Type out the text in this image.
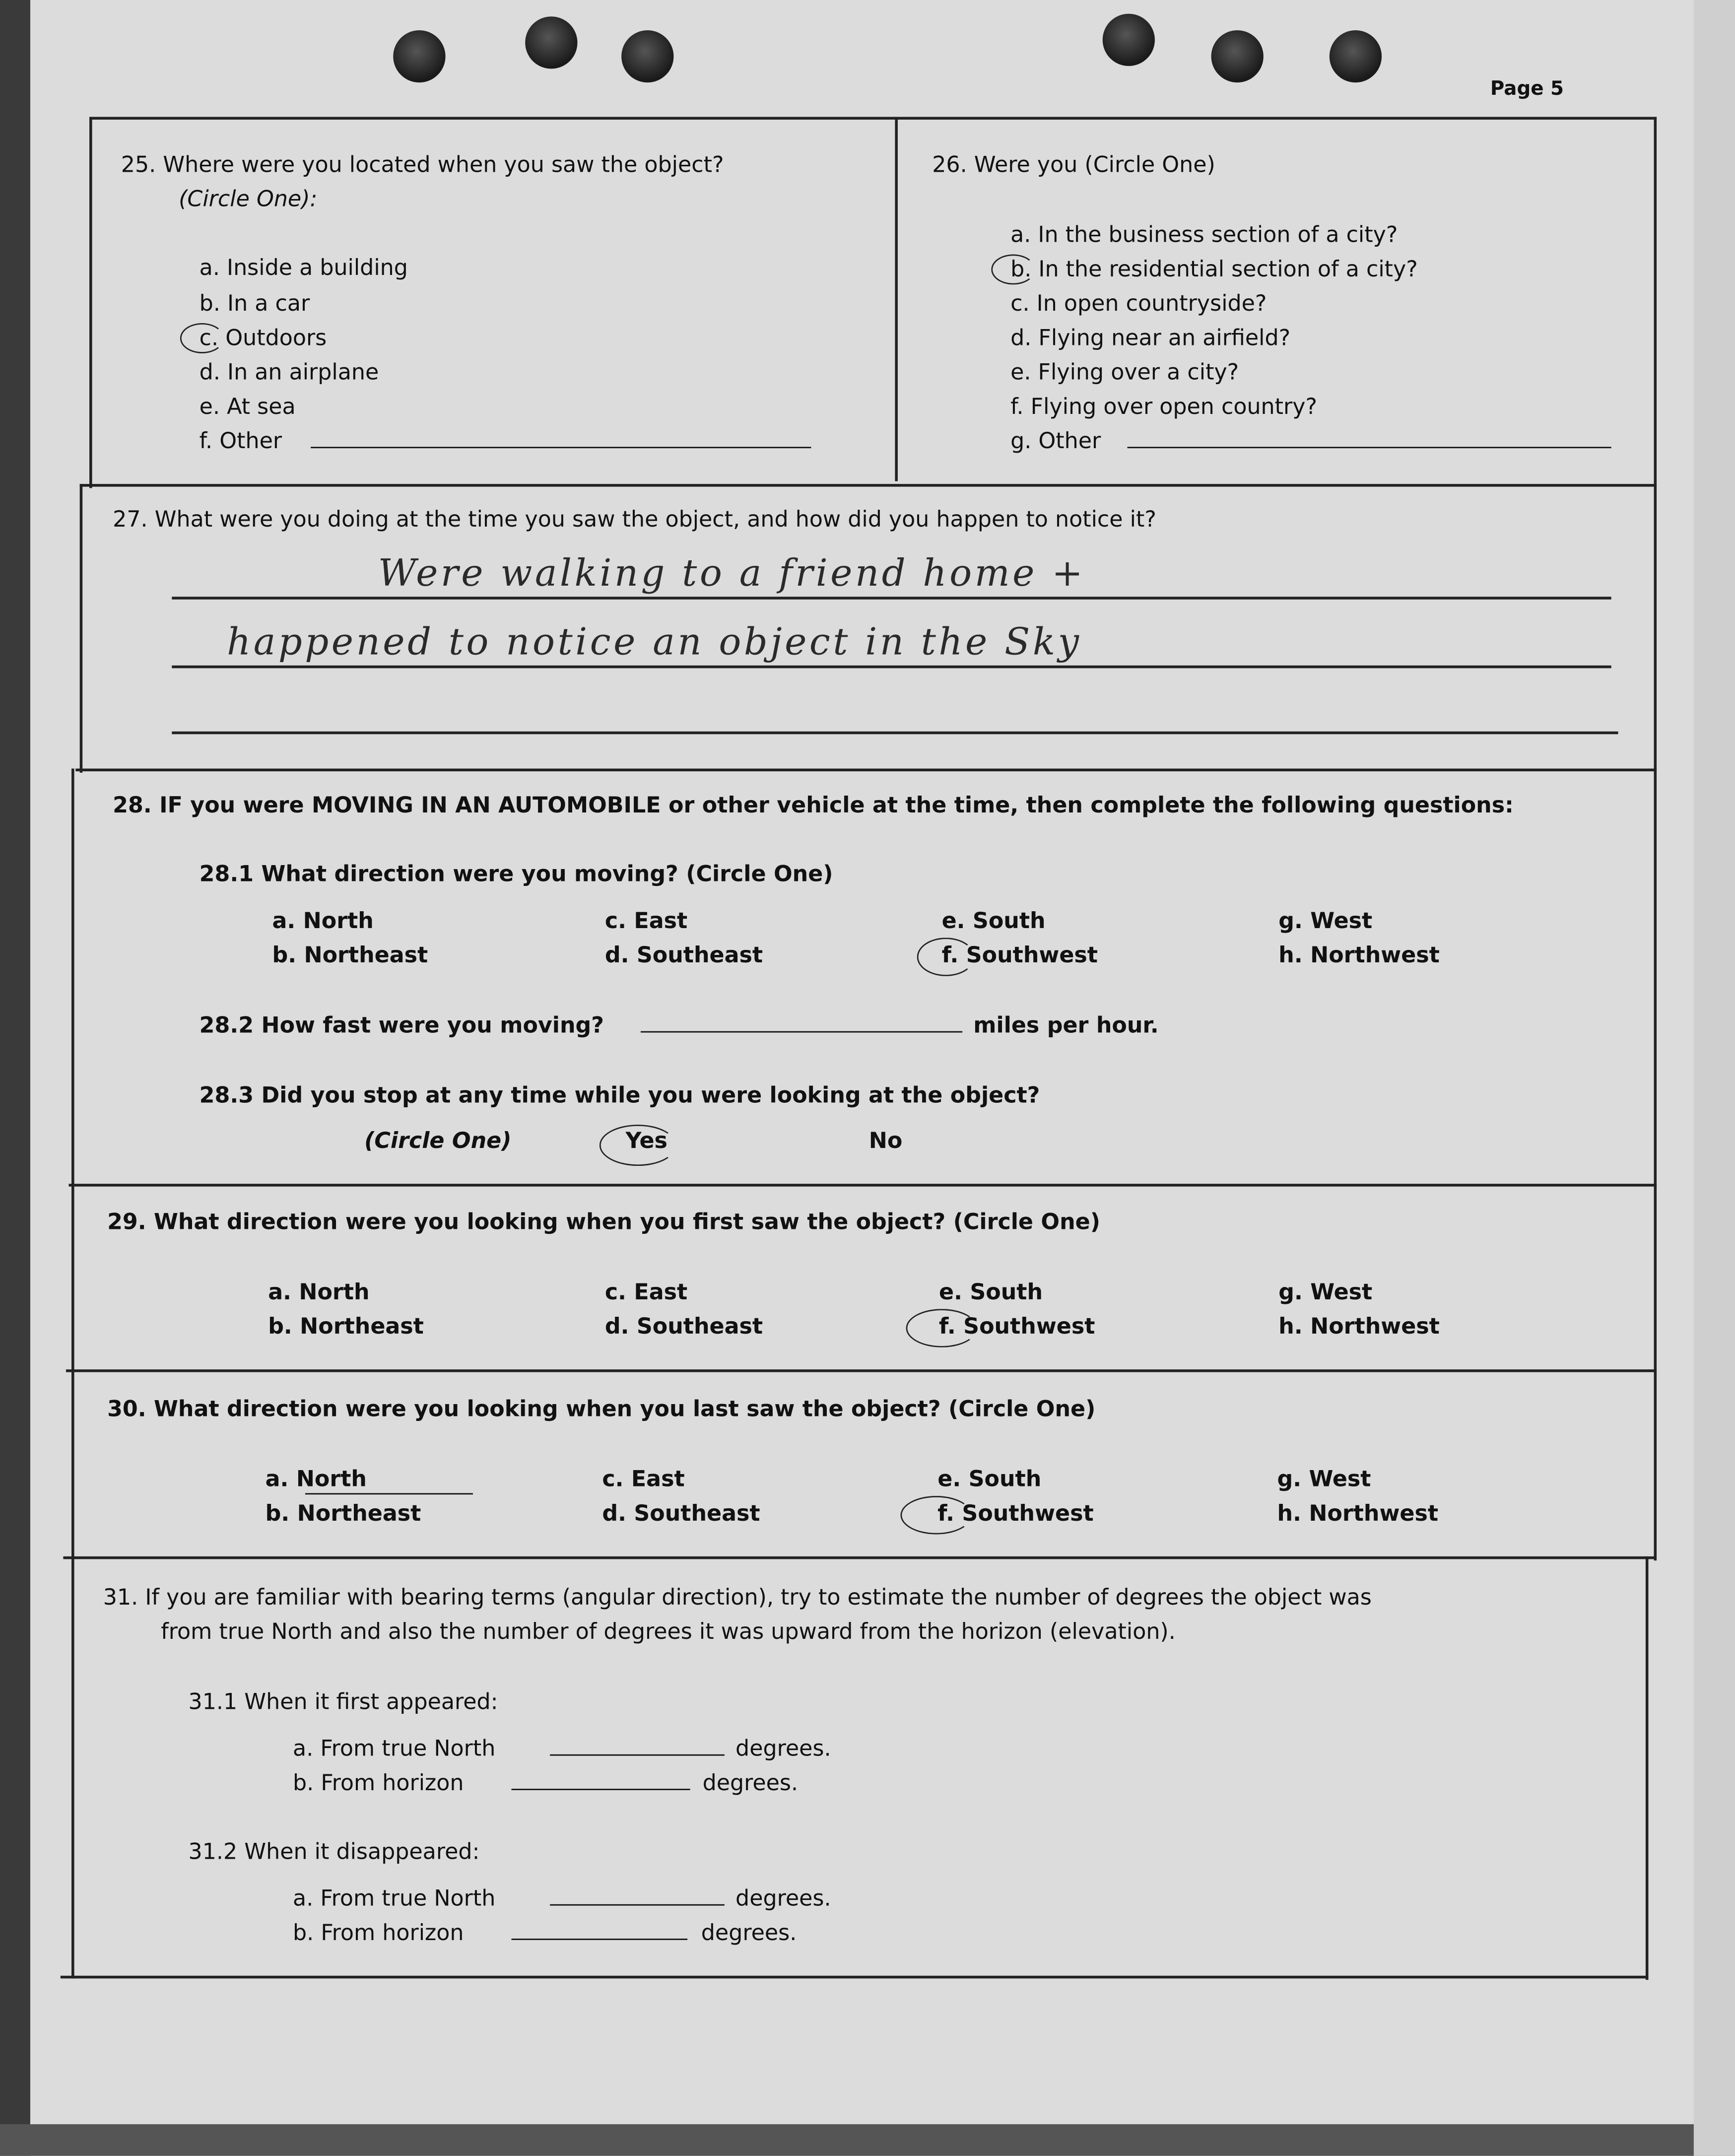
Page 5
25. Where were you located when you saw the object?
(Circle One):
a. Inside a building
b. In a car
c. Outdoors
d. In an airplane
e. At sea
f. Other
26. Were you (Circle One)
a. In the business section of a city?
b. In the residential section of a city?
c. In open countryside?
d. Flying near an airfield?
e. Flying over a city?
f. Flying over open country?
g. Other
27. What were you doing at the time you saw the object, and how did you happen to notice it?
Were walking to a friend home +
happened to notice an object in the Sky
28. IF you were MOVING IN AN AUTOMOBILE or other vehicle at the time, then complete the following questions:
28.1 What direction were you moving? (Circle One)
a. North
b. Northeast
c. East
d. Southeast
e. South
f. Southwest
g. West
h. Northwest
28.2 How fast were you moving?	miles per hour.
28.3 Did you stop at any time while you were looking at the object?
(Circle One)	Yes	No
29. What direction were you looking when you first saw the object? (Circle One)
a. North
b. Northeast
c. East
d. Southeast
e. South
f. Southwest
g. West
h. Northwest
30. What direction were you looking when you last saw the object? (Circle One)
a. North
b. Northeast
c. East
d. Southeast
e. South
f. Southwest
g. West
h. Northwest
31. If you are familiar with bearing terms (angular direction), try to estimate the number of degrees the object was
from true North and also the number of degrees it was upward from the horizon (elevation).
31.1 When it first appeared:
a. From true North	degrees.
b. From horizon	degrees.
31.2 When it disappeared:
a. From true North	degrees.
b. From horizon	degrees.
